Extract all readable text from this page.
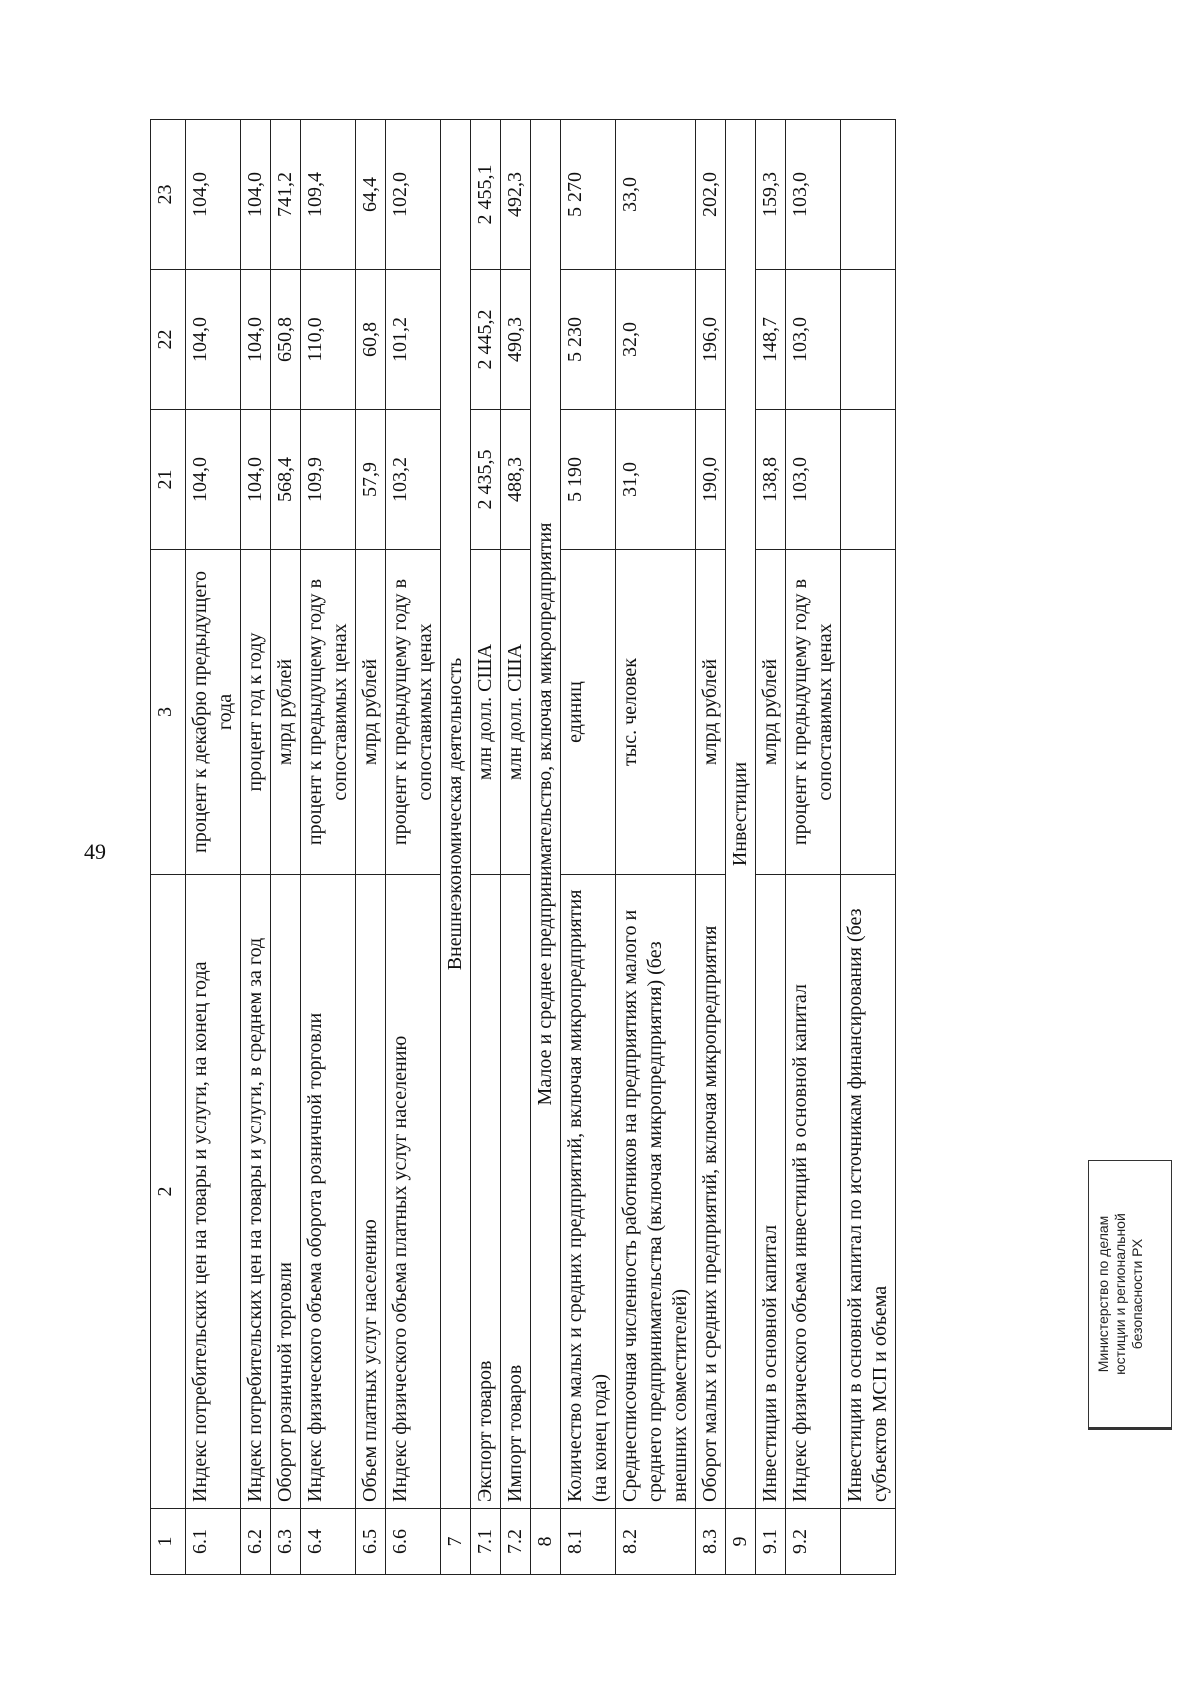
49
1	2	3	21	22	23
6.1	Индекс потребительских цен на товары и услуги, на конец года	процент к декабрю предыдущего года	104,0	104,0	104,0
6.2	Индекс потребительских цен на товары и услуги, в среднем за год	процент год к году	104,0	104,0	104,0
6.3	Оборот розничной торговли	млрд рублей	568,4	650,8	741,2
6.4	Индекс физического объема оборота розничной торговли	процент к предыдущему году в сопоставимых ценах	109,9	110,0	109,4
6.5	Объем платных услуг населению	млрд рублей	57,9	60,8	64,4
6.6	Индекс физического объема платных услуг населению	процент к предыдущему году в сопоставимых ценах	103,2	101,2	102,0
7	Внешнеэкономическая деятельность				
7.1	Экспорт товаров	млн долл. США	2 435,5	2 445,2	2 455,1
7.2	Импорт товаров	млн долл. США	488,3	490,3	492,3
8	Малое и среднее предпринимательство, включая микропредприятия				
8.1	Количество малых и средних предприятий, включая микропредприятия (на конец года)	единиц	5 190	5 230	5 270
8.2	Среднесписочная численность работников на предприятиях малого и среднего предпринимательства (включая микропредприятия) (без внешних совместителей)	тыс. человек	31,0	32,0	33,0
8.3	Оборот малых и средних предприятий, включая микропредприятия	млрд рублей	190,0	196,0	202,0
9	Инвестиции				
9.1	Инвестиции в основной капитал	млрд рублей	138,8	148,7	159,3
9.2	Индекс физического объема инвестиций в основной капитал	процент к предыдущему году в сопоставимых ценах	103,0	103,0	103,0
	Инвестиции в основной капитал по источникам финансирования (без субъектов МСП и объема					Министерство по делам юстиции и региональной безопасности РХ
